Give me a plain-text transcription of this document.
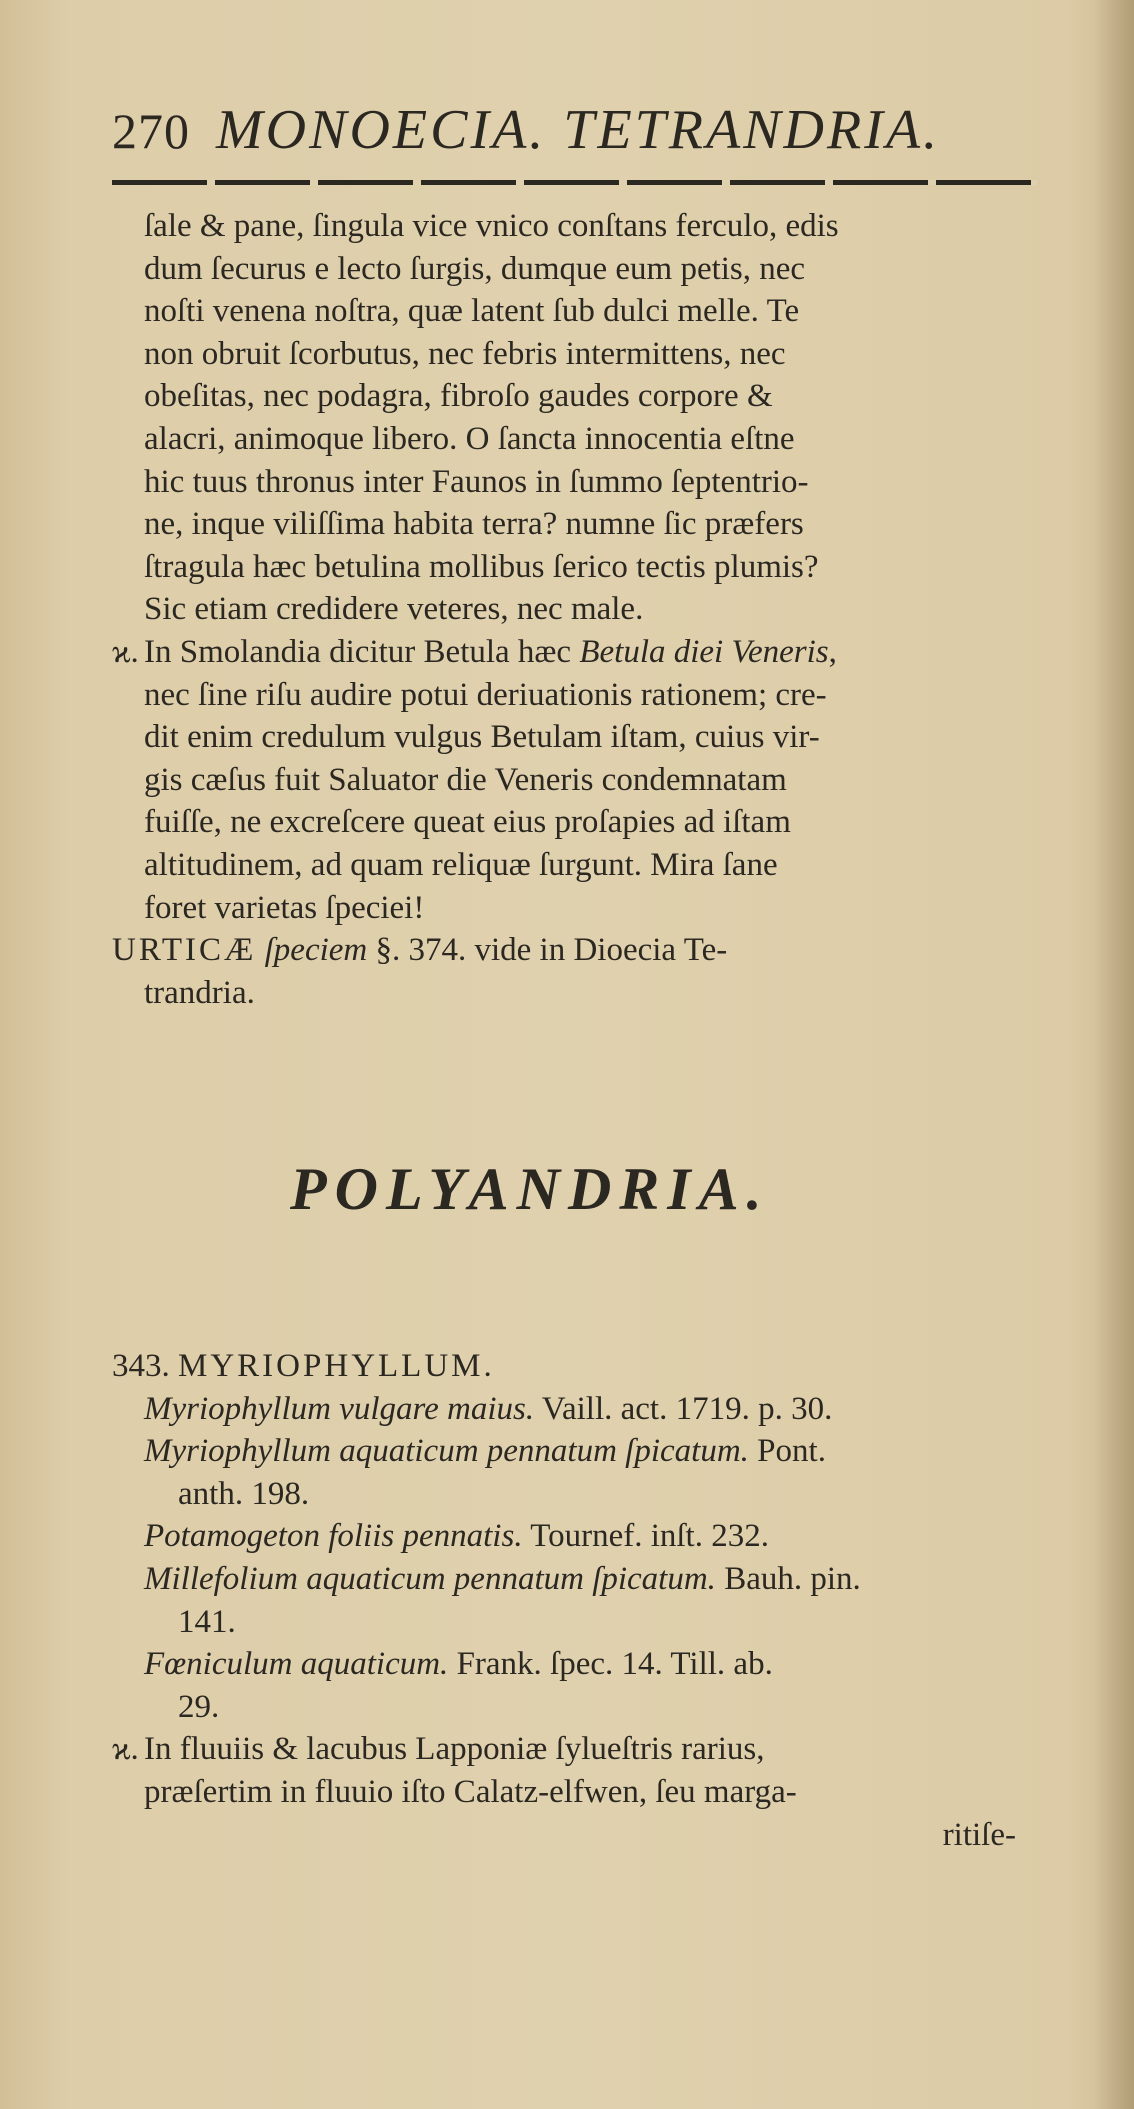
270 MONOECIA. TETRANDRIA.
ſale & pane, ſingula vice vnico conſtans ferculo, edis
dum ſecurus e lecto ſurgis, dumque eum petis, nec
noſti venena noſtra, quæ latent ſub dulci melle. Te
non obruit ſcorbutus, nec febris intermittens, nec
obeſitas, nec podagra, fibroſo gaudes corpore &
alacri, animoque libero. O ſancta innocentia eſtne
hic tuus thronus inter Faunos in ſummo ſeptentrio-
ne, inque viliſſima habita terra? numne ſic præfers
ſtragula hæc betulina mollibus ſerico tectis plumis?
Sic etiam credidere veteres, nec male.
ϰ. In Smolandia dicitur Betula hæc Betula diei Veneris,
nec ſine riſu audire potui deriuationis rationem; cre-
dit enim credulum vulgus Betulam iſtam, cuius vir-
gis cæſus fuit Saluator die Veneris condemnatam
fuiſſe, ne excreſcere queat eius proſapies ad iſtam
altitudinem, ad quam reliquæ ſurgunt. Mira ſane
foret varietas ſpeciei!
URTICÆ ſpeciem §. 374. vide in Dioecia Te-
trandria.
POLYANDRIA.
343. MYRIOPHYLLUM.
Myriophyllum vulgare maius. Vaill. act. 1719. p. 30.
Myriophyllum aquaticum pennatum ſpicatum. Pont.
anth. 198.
Potamogeton foliis pennatis. Tournef. inſt. 232.
Millefolium aquaticum pennatum ſpicatum. Bauh. pin.
141.
Fœniculum aquaticum. Frank. ſpec. 14. Till. ab.
29.
ϰ. In fluuiis & lacubus Lapponiæ ſylueſtris rarius,
præſertim in fluuio iſto Calatz-elfwen, ſeu marga-
ritiſe-
